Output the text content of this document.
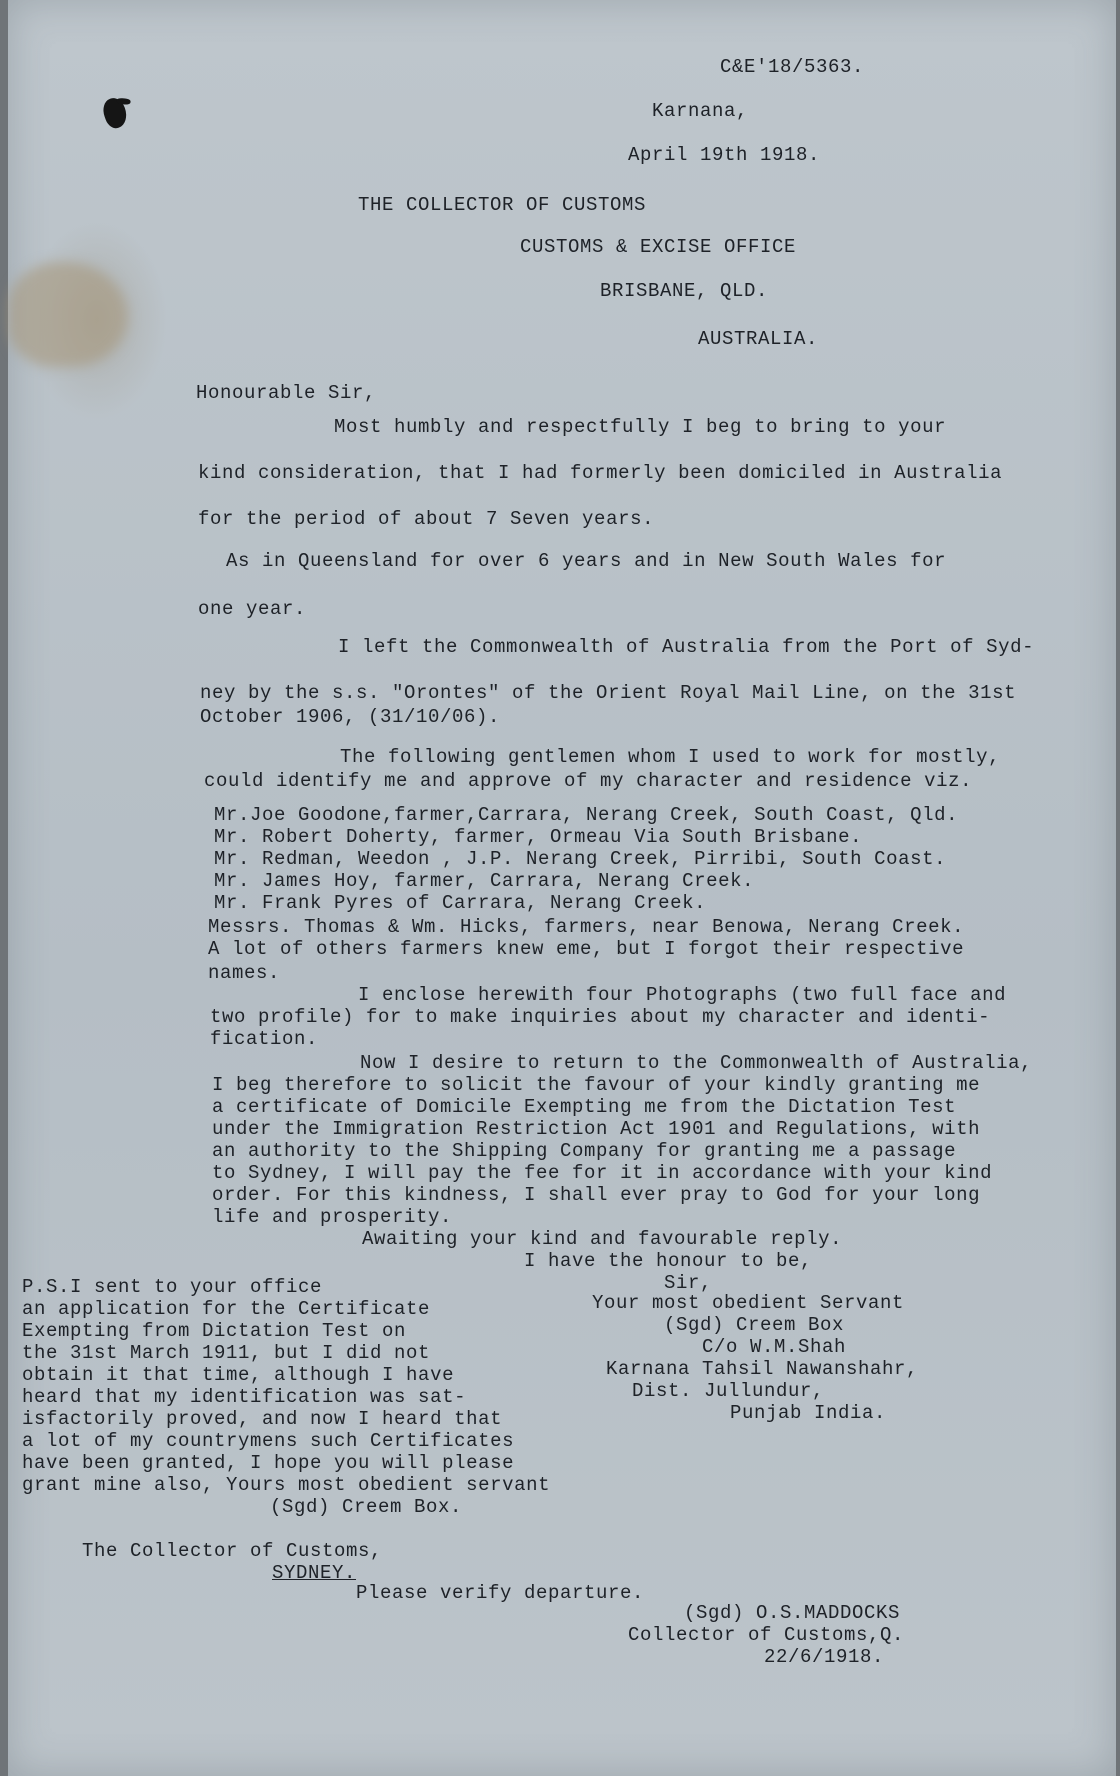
C&E'18/5363.

Karnana,

April 19th 1918.

THE COLLECTOR OF CUSTOMS

CUSTOMS & EXCISE OFFICE

BRISBANE, QLD.

AUSTRALIA.

Honourable Sir,

Most humbly and respectfully I beg to bring to your

kind consideration, that I had formerly been domiciled in Australia

for the period of about 7 Seven years.

As in Queensland for over 6 years and in New South Wales for

one year.

I left the Commonwealth of Australia from the Port of Syd-

ney by the s.s. "Orontes" of the Orient Royal Mail Line, on the 31st

October 1906, (31/10/06).

The following gentlemen whom I used to work for mostly,

could identify me and approve of my character and residence viz.

Mr.Joe Goodone,farmer,Carrara, Nerang Creek, South Coast, Qld.

Mr. Robert Doherty, farmer, Ormeau Via South Brisbane.

Mr. Redman, Weedon , J.P. Nerang Creek, Pirribi, South Coast.

Mr. James Hoy, farmer, Carrara, Nerang Creek.

Mr. Frank Pyres of Carrara, Nerang Creek.

Messrs. Thomas & Wm. Hicks, farmers, near Benowa, Nerang Creek.

A lot of others farmers knew eme, but I forgot their respective

names.

I enclose herewith four Photographs (two full face and

two profile) for to make inquiries about my character and identi-

fication.

Now I desire to return to the Commonwealth of Australia,

I beg therefore to solicit the favour of your kindly granting me

a certificate of Domicile Exempting me from the Dictation Test

under the Immigration Restriction Act 1901 and Regulations, with

an authority to the Shipping Company for granting me a passage

to Sydney, I will pay the fee for it in accordance with your kind

order. For this kindness, I shall ever pray to God for your long

life and prosperity.

Awaiting your kind and favourable reply.

I have the honour to be,

Sir,

Your most obedient Servant

(Sgd) Creem Box

C/o W.M.Shah

Karnana Tahsil Nawanshahr,

Dist. Jullundur,

Punjab India.

P.S.I sent to your office

an application for the Certificate

Exempting from Dictation Test on

the 31st March 1911, but I did not

obtain it that time, although I have

heard that my identification was sat-

isfactorily proved, and now I heard that

a lot of my countrymens such Certificates

have been granted, I hope you will please

grant mine also, Yours most obedient servant

(Sgd) Creem Box.

The Collector of Customs,

SYDNEY.

Please verify departure.

(Sgd) O.S.MADDOCKS

Collector of Customs,Q.

22/6/1918.
